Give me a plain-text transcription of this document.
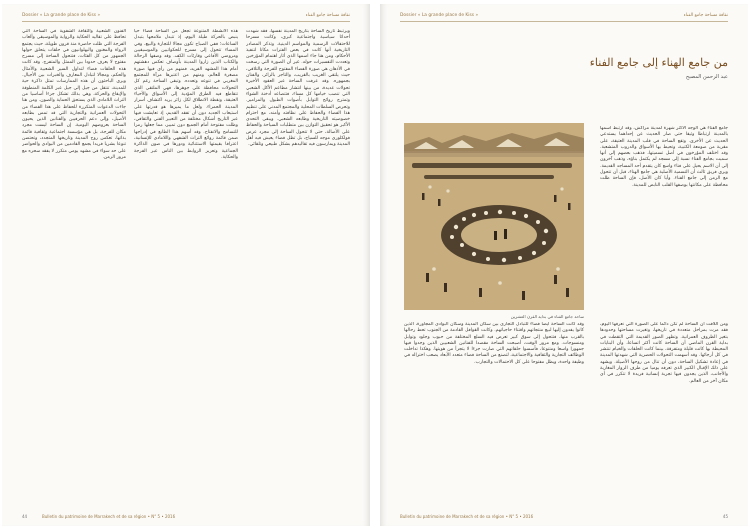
Dossier « La grande place de Kiss »	ثقافة مساحة جامع الفناء
الفنون الشعبية والثقافة الشفوية في الساحة التي تحافظ على تقاليد الحكاية والرواية والموسيقى وألعاب الفرجة التي ظلت حاضرة منذ قرون طويلة، حيث يجتمع الرواة والمغنون والبهلوانيون في حلقات يتحلق حولها الجمهور من كل الفئات، فتتحول الساحة إلى مسرح مفتوح لا يعرف حدودا بين الممثل والمتفرج. وقد كانت هذه الحلقات فضاء لتداول السير الشعبية والأمثال والحكم، ومجالا لتبادل المعارف والخبرات بين الأجيال. ويرى الباحثون أن هذه الممارسات تمثل ذاكرة حية للمدينة، تنتقل من جيل إلى جيل عبر الكلمة المنطوقة والإيقاع والحركة، وهي بذلك تشكل جزءا أساسيا من التراث اللامادي الذي يستحق الحماية والصون. ومن هنا جاءت الدعوات المتكررة للحفاظ على هذا الفضاء من التحولات العمرانية والتجارية التي قد تمس بطابعه الأصيل، وإلى دعم الحرفيين والفنانين الذين يحيون الساحة بعروضهم اليومية. إن الساحة ليست مجرد مكان للفرجة، بل هي مؤسسة اجتماعية وثقافية قائمة بذاتها، تعكس روح المدينة وتاريخها المتجدد، وتحتضن تنوعا بشريا فريدا يجمع القادمين من البوادي والحواضر على حد سواء في مشهد يومي متكرر لا يفقد سحره مع مرور الزمن.
هذه الأنشطة المتنوعة تجعل من الساحة فضاء حيا ينبض بالحركة طيلة اليوم، إذ تتبدل ملامحها بتبدل الساعات؛ ففي الصباح تكون مجالا للتجارة والبيع، وفي المساء تتحول إلى مسرح للحكواتيين والموسيقيين ومروضي الأفاعي وقارئات الكف. وقد وصفها الرحالة والكتاب الذين زاروا المدينة بأوصاف تعكس دهشتهم أمام هذا المشهد الفريد، فمنهم من رأى فيها صورة مصغرة للعالم، ومنهم من اعتبرها مرآة للمجتمع المغربي في تنوعه وتعدده. وتبقى الساحة رغم كل التحولات محافظة على جوهرها، فهي الملتقى الذي تتقاطع فيه الطرق المؤدية إلى الأسواق والأحياء العتيقة، ونقطة الانطلاق لكل زائر يريد اكتشاف أسرار المدينة الحمراء. ولعل ما يميزها هو قدرتها على استيعاب الجديد دون أن تفقد القديم، إذ تعايشت فيها عبر التاريخ أشكال مختلفة من التعبير الفني والثقافي، وظلت مفتوحة أمام الجميع دون تمييز، مما جعلها رمزا للتسامح والانفتاح. وقد أسهم هذا الطابع في إدراجها ضمن قائمة روائع التراث الشفهي واللامادي للإنسانية، اعترافا بقيمتها الاستثنائية ودورها في صون الذاكرة الجماعية وتعزيز الروابط بين الناس عبر الفرجة والحكاية.
ويرتبط تاريخ الساحة بتاريخ المدينة نفسها، فقد شهدت أحداثا سياسية واجتماعية كبرى، وكانت مسرحا للاحتفالات الرسمية والمواسم الدينية. وتذكر المصادر التاريخية أنها كانت في بعض الفترات مكانا لتنفيذ الأحكام، ومن هنا جاء اسمها الذي أثار اهتمام المؤرخين وتعددت التفسيرات حوله. غير أن الصورة التي رسخت في الأذهان هي صورة الفضاء المفتوح للفرجة والتلاقي، حيث يلتقي الغريب بالقريب، والتاجر بالزائر، والفنان بجمهوره. وقد عرفت الساحة عبر العقود الأخيرة تحولات عديدة، من بينها انتشار مطاعم الأكل الشعبي التي تنصب خيامها كل مساء، فتتصاعد أدخنة الشواء وتمتزج روائح التوابل بأصوات الطبول والمزامير. وتحرص السلطات المحلية والمجتمع المدني على تنظيم هذا الفضاء والحفاظ على نظافته وأمنه، مع احترام خصوصيته التاريخية وطابعه الشعبي. ويبقى التحدي الأكبر هو تحقيق التوازن بين متطلبات السياحة والحفاظ على الأصالة، حتى لا تتحول الساحة إلى مجرد عرض فولكلوري موجه للسياح، بل تظل فضاء يعيش فيه أهل المدينة ويمارسون فيه تقاليدهم بشكل طبيعي وتلقائي.
44	Bulletin du patrimoine de Marrakech et de sa région • N° 5 • 2016
Dossier « La grande place de Kiss »	ثقافة مساحة جامع الفناء
من جامع الهناء إلى جامع الفناء
عبد الرحمن المصبح
جامع الفناء هي الوجه الأكثر شهرة لمدينة مراكش، وقد ارتبط اسمها بالمدينة ارتباطا وثيقا حتى صار الحديث عن إحداهما يستدعي الحديث عن الأخرى. وتقع الساحة في قلب المدينة العتيقة، على مقربة من صومعة الكتبية، وتحيط بها الأسواق والدروب المتشعبة. وقد اختلف المؤرخون في أصل تسميتها، فذهب بعضهم إلى أنها سميت بجامع الفناء نسبة إلى مسجد لم يكتمل بناؤه، وذهب آخرون إلى أن الاسم يحيل على فناء واسع كان يتقدم أحد المساجد القديمة. ويرى فريق ثالث أن التسمية الأصلية هي جامع الهناء، قبل أن تتحول مع الزمن إلى جامع الفناء. وأيا كان الأصل، فإن الساحة ظلت محافظة على مكانتها بوصفها القلب النابض للمدينة.
ساحة جامع الفناء في بداية القرن العشرين
ومن اللافت أن الساحة لم تكن دائما على الصورة التي نعرفها اليوم، فقد مرت بمراحل متعددة في تاريخها، وتغيرت مساحتها وحدودها بتغير الظروف العمرانية. وتظهر الصور القديمة التي التقطت في بداية القرن الماضي أن الساحة كانت أكثر اتساعا، وأن البنايات المحيطة بها كانت قليلة ومتفرقة، بينما كانت الحلقات والخيام تنتشر في كل أرجائها. وقد أسهمت التحولات الحضرية التي شهدتها المدينة في إعادة تشكيل الساحة، دون أن تنال من روحها الأصيلة. ويشهد على ذلك الإقبال الكبير الذي تعرفه يوميا من طرف الزوار المغاربة والأجانب، الذين يجدون فيها تجربة إنسانية فريدة لا تتكرر في أي مكان آخر من العالم.
وقد كانت الساحة أيضا فضاء للتبادل التجاري بين سكان المدينة وسكان البوادي المجاورة، الذين كانوا يفدون إليها لبيع منتجاتهم واقتناء حاجياتهم. وكانت القوافل القادمة من الجنوب تحط رحالها بالقرب منها، فتتحول إلى سوق كبير تعرض فيه السلع المختلفة من حبوب وجلود وتوابل ومنسوجات. ومع مرور الوقت، أصبحت الساحة مقصدا للفنانين الشعبيين الذين وجدوا فيها جمهورا واسعا ومتنوعا، فأسسوا حلقاتهم التي صارت جزءا لا يتجزأ من هويتها. وهكذا تداخلت الوظائف التجارية والثقافية والاجتماعية، لتصنع من الساحة فضاء متعدد الأبعاد يصعب اختزاله في وظيفة واحدة، ويظل مفتوحا على كل الاحتمالات والتجارب.
Bulletin du patrimoine de Marrakech et de sa région • N° 5 • 2016	45
